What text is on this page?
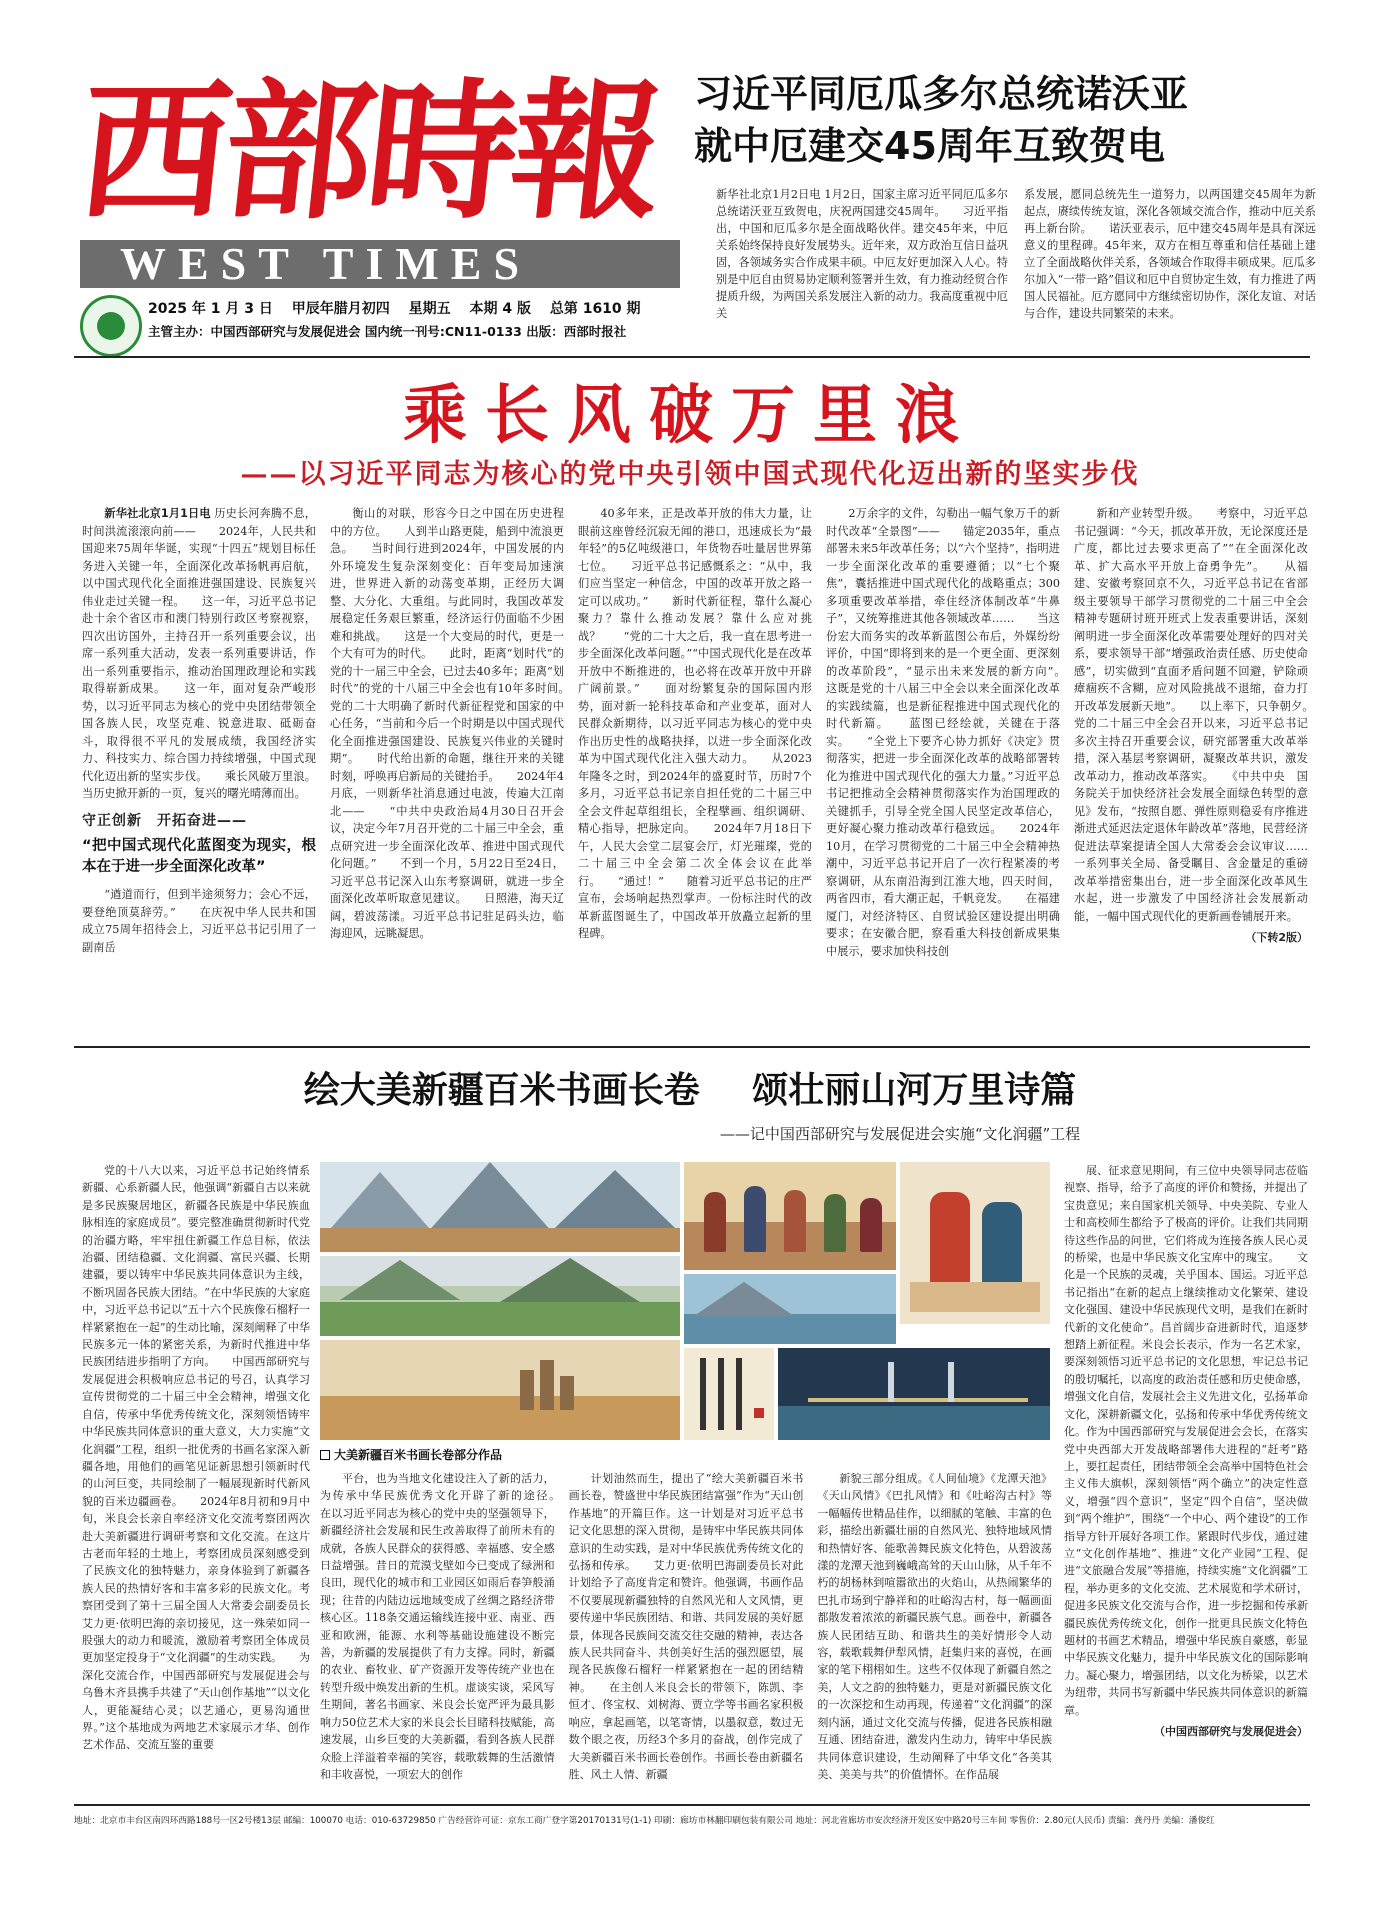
西部時報
WEST TIMES
2025 年 1 月 3 日 甲辰年腊月初四 星期五 本期 4 版 总第 1610 期
主管主办：中国西部研究与发展促进会 国内统一刊号:CN11-0133 出版：西部时报社
习近平同厄瓜多尔总统诺沃亚
就中厄建交45周年互致贺电
新华社北京1月2日电 1月2日，国家主席习近平同厄瓜多尔总统诺沃亚互致贺电，庆祝两国建交45周年。　　习近平指出，中国和厄瓜多尔是全面战略伙伴。建交45年来，中厄关系始终保持良好发展势头。近年来，双方政治互信日益巩固，各领域务实合作成果丰硕。中厄友好更加深入人心。特别是中厄自由贸易协定顺利签署并生效，有力推动经贸合作提质升级，为两国关系发展注入新的动力。我高度重视中厄关
系发展，愿同总统先生一道努力，以两国建交45周年为新起点，赓续传统友谊，深化各领域交流合作，推动中厄关系再上新台阶。　　诺沃亚表示，厄中建交45周年是具有深远意义的里程碑。45年来，双方在相互尊重和信任基础上建立了全面战略伙伴关系，各领域合作取得丰硕成果。厄瓜多尔加入“一带一路”倡议和厄中自贸协定生效，有力推进了两国人民福祉。厄方愿同中方继续密切协作，深化友谊、对话与合作，建设共同繁荣的未来。
乘长风破万里浪
——以习近平同志为核心的党中央引领中国式现代化迈出新的坚实步伐

新华社北京1月1日电 历史长河奔腾不息，时间洪流滚滚向前——　　2024年，人民共和国迎来75周年华诞，实现“十四五”规划目标任务进入关键一年，全面深化改革扬帆再启航，以中国式现代化全面推进强国建设、民族复兴伟业走过关键一程。　　这一年，习近平总书记赴十余个省区市和澳门特别行政区考察视察，四次出访国外，主持召开一系列重要会议，出席一系列重大活动，发表一系列重要讲话，作出一系列重要指示，推动治国理政理论和实践取得崭新成果。　　这一年，面对复杂严峻形势，以习近平同志为核心的党中央团结带领全国各族人民，攻坚克难、锐意进取、砥砺奋斗，取得很不平凡的发展成绩，我国经济实力、科技实力、综合国力持续增强，中国式现代化迈出新的坚实步伐。　　乘长风破万里浪。当历史掀开新的一页，复兴的曙光晴薄而出。

守正创新　开拓奋进——
“把中国式现代化蓝图变为现实，根本在于进一步全面深化改革”

“遒道而行，但到半途须努力；会心不远，要登绝顶莫辞劳。”　　在庆祝中华人民共和国成立75周年招待会上，习近平总书记引用了一副南岳

衡山的对联，形容今日之中国在历史进程中的方位。　　人到半山路更陡，船到中流浪更急。　　当时间行进到2024年，中国发展的内外环境发生复杂深刻变化：百年变局加速演进，世界进入新的动荡变革期，正经历大调整、大分化、大重组。与此同时，我国改革发展稳定任务艰巨繁重，经济运行仍面临不少困难和挑战。　　这是一个大变局的时代，更是一个大有可为的时代。　　此时，距离“划时代”的党的十一届三中全会，已过去40多年；距离“划时代”的党的十八届三中全会也有10年多时间。　　党的二十大明确了新时代新征程党和国家的中心任务，“当前和今后一个时期是以中国式现代化全面推进强国建设、民族复兴伟业的关键时期”。　　时代给出新的命题，继往开来的关键时刻，呼唤再启新局的关键抬手。　　2024年4月底，一则新华社消息通过电波，传遍大江南北——　　“中共中央政治局4月30日召开会议，决定今年7月召开党的二十届三中全会，重点研究进一步全面深化改革、推进中国式现代化问题。”　　不到一个月，5月22日至24日，习近平总书记深入山东考察调研，就进一步全面深化改革听取意见建议。　　日照港，海天辽阔，碧波荡漾。习近平总书记驻足码头边，临海迎风，远眺凝思。

40多年来，正是改革开放的伟大力量，让眼前这座曾经沉寂无闻的港口，迅速成长为“最年轻”的5亿吨级港口，年货物吞吐量居世界第七位。　　习近平总书记感慨系之：“从中，我们应当坚定一种信念，中国的改革开放之路一定可以成功。”　　新时代新征程，靠什么凝心聚力？靠什么推动发展？靠什么应对挑战？　　“党的二十大之后，我一直在思考进一步全面深化改革问题。”“中国式现代化是在改革开放中不断推进的，也必将在改革开放中开辟广阔前景。”　　面对纷繁复杂的国际国内形势，面对新一轮科技革命和产业变革，面对人民群众新期待，以习近平同志为核心的党中央作出历史性的战略抉择，以进一步全面深化改革为中国式现代化注入强大动力。　　从2023年隆冬之时，到2024年的盛夏时节，历时7个多月，习近平总书记亲自担任党的二十届三中全会文件起草组组长，全程擘画、组织调研、精心指导，把脉定向。　　2024年7月18日下午，人民大会堂二层宴会厅，灯光璀璨，党的二十届三中全会第二次全体会议在此举行。　　“通过！”　　随着习近平总书记的庄严宣布，会场响起热烈掌声。一份标注时代的改革新蓝图诞生了，中国改革开放矗立起新的里程碑。

2万余字的文件，勾勒出一幅气象万千的新时代改革“全景图”——　　锚定2035年，重点部署未来5年改革任务；以“六个坚持”，指明进一步全面深化改革的重要遵循；以“七个聚焦”，囊括推进中国式现代化的战略重点；300多项重要改革举措，牵住经济体制改革“牛鼻子”，又统筹推进其他各领域改革……　　当这份宏大而务实的改革新蓝图公布后，外媒纷纷评价，中国“即将到来的是一个更全面、更深刻的改革阶段”，“显示出未来发展的新方向”。　　这既是党的十八届三中全会以来全面深化改革的实践续篇，也是新征程推进中国式现代化的时代新篇。　　蓝图已经绘就，关键在于落实。　　“全党上下要齐心协力抓好《决定》贯彻落实，把进一步全面深化改革的战略部署转化为推进中国式现代化的强大力量。”习近平总书记把推动全会精神贯彻落实作为治国理政的关键抓手，引导全党全国人民坚定改革信心，更好凝心聚力推动改革行稳致远。　　2024年10月，在学习贯彻党的二十届三中全会精神热潮中，习近平总书记开启了一次行程紧凑的考察调研，从东南沿海到江淮大地，四天时间，两省四市，看大潮正起，千帆竞发。　　在福建厦门，对经济特区、自贸试验区建设提出明确要求；在安徽合肥，察看重大科技创新成果集中展示，要求加快科技创

新和产业转型升级。　　考察中，习近平总书记强调：“今天，抓改革开放，无论深度还是广度，都比过去要求更高了”“在全面深化改革、扩大高水平开放上奋勇争先”。　　从福建、安徽考察回京不久，习近平总书记在省部级主要领导干部学习贯彻党的二十届三中全会精神专题研讨班开班式上发表重要讲话，深刻阐明进一步全面深化改革需要处理好的四对关系，要求领导干部“增强政治责任感、历史使命感”，切实做到“直面矛盾问题不回避，铲除顽瘴痼疾不含糊，应对风险挑战不退缩，奋力打开改革发展新天地”。　　以上率下，只争朝夕。　　党的二十届三中全会召开以来，习近平总书记多次主持召开重要会议，研究部署重大改革举措，深入基层考察调研，凝聚改革共识，激发改革动力，推动改革落实。　　《中共中央　国务院关于加快经济社会发展全面绿色转型的意见》发布，“按照自愿、弹性原则稳妥有序推进渐进式延迟法定退休年龄改革”落地，民营经济促进法草案提请全国人大常委会会议审议……　　一系列事关全局、备受瞩目、含金量足的重磅改革举措密集出台，进一步全面深化改革风生水起，进一步激发了中国经济社会发展新动能，一幅中国式现代化的更新画卷铺展开来。

（下转2版）
绘大美新疆百米书画长卷 颂壮丽山河万里诗篇
——记中国西部研究与发展促进会实施“文化润疆”工程

党的十八大以来，习近平总书记始终情系新疆、心系新疆人民，他强调“新疆自古以来就是多民族聚居地区，新疆各民族是中华民族血脉相连的家庭成员”。要完整准确贯彻新时代党的治疆方略，牢牢扭住新疆工作总目标，依法治疆、团结稳疆、文化润疆、富民兴疆、长期建疆，要以铸牢中华民族共同体意识为主线，不断巩固各民族大团结。“在中华民族的大家庭中，习近平总书记以“五十六个民族像石榴籽一样紧紧抱在一起”的生动比喻，深刻阐释了中华民族多元一体的紧密关系，为新时代推进中华民族团结进步指明了方向。　　中国西部研究与发展促进会积极响应总书记的号召，认真学习宣传贯彻党的二十届三中全会精神，增强文化自信，传承中华优秀传统文化，深刻领悟铸牢中华民族共同体意识的重大意义，大力实施“文化润疆”工程，组织一批优秀的书画名家深入新疆各地，用他们的画笔见证新思想引领新时代的山河巨变，共同绘制了一幅展现新时代新风貌的百米边疆画卷。　　2024年8月初和9月中旬，米良会长亲自率经济文化交流考察团两次赴大美新疆进行调研考察和文化交流。在这片古老而年轻的土地上，考察团成员深刻感受到了民族文化的独特魅力，亲身体验到了新疆各族人民的热情好客和丰富多彩的民族文化。考察团受到了第十三届全国人大常委会副委员长艾力更·依明巴海的亲切接见，这一殊荣如同一股强大的动力和暖流，激励着考察团全体成员更加坚定投身于“文化润疆”的生动实践。　　为深化交流合作，中国西部研究与发展促进会与乌鲁木齐县携手共建了“天山创作基地”“以文化人，更能凝结心灵；以艺通心，更易沟通世界。”这个基地成为两地艺术家展示才华、创作艺术作品、交流互鉴的重要

展、征求意见期间，有三位中央领导同志莅临视察、指导，给予了高度的评价和赞扬，并提出了宝贵意见；来自国家机关领导、中央美院、专业人士和高校师生都给予了极高的评价。让我们共同期待这些作品的问世，它们将成为连接各族人民心灵的桥梁，也是中华民族文化宝库中的瑰宝。　　文化是一个民族的灵魂，关乎国本、国运。习近平总书记指出“在新的起点上继续推动文化繁荣、建设文化强国、建设中华民族现代文明，是我们在新时代新的文化使命”。昌首阔步奋进新时代，追逐梦想踏上新征程。米良会长表示，作为一名艺术家，要深刻领悟习近平总书记的文化思想，牢记总书记的殷切嘱托，以高度的政治责任感和历史使命感，增强文化自信，发展社会主义先进文化，弘扬革命文化，深耕新疆文化，弘扬和传承中华优秀传统文化。作为中国西部研究与发展促进会会长，在落实党中央西部大开发战略部署伟大进程的“赶考”路上，要扛起责任，团结带领全会高举中国特色社会主义伟大旗帜，深刻领悟“两个确立”的决定性意义，增强“四个意识”，坚定“四个自信”，坚决做到“两个维护”，围绕“一个中心、两个建设”的工作指导方针开展好各项工作。紧跟时代步伐，通过建立“文化创作基地”、推进“文化产业园”工程、促进“文旅融合发展”等措施，持续实施“文化润疆”工程，举办更多的文化交流、艺术展览和学术研讨，促进多民族文化交流与合作，进一步挖掘和传承新疆民族优秀传统文化，创作一批更具民族文化特色题材的书画艺术精品，增强中华民族自豪感，彰显中华民族文化魅力，提升中华民族文化的国际影响力。凝心聚力，增强团结，以文化为桥梁，以艺术为纽带，共同书写新疆中华民族共同体意识的新篇章。

（中国西部研究与发展促进会）
大美新疆百米书画长卷部分作品

平台，也为当地文化建设注入了新的活力，为传承中华民族优秀文化开辟了新的途径。　　在以习近平同志为核心的党中央的坚强领导下，新疆经济社会发展和民生改善取得了前所未有的成就，各族人民群众的获得感、幸福感、安全感日益增强。昔日的荒漠戈壁如今已变成了绿洲和良田，现代化的城市和工业园区如雨后春笋般涌现；往昔的内陆边远地域变成了丝绸之路经济带核心区。118条交通运输线连接中亚、南亚、西亚和欧洲，能源、水利等基础设施建设不断完善，为新疆的发展提供了有力支撑。同时，新疆的农业、畜牧业、矿产资源开发等传统产业也在转型升级中焕发出新的生机。虚谈实谈，采风写生期间，著名书画家、米良会长宽严评为最具影响力50位艺术大家的米良会长目睹科技赋能，高速发展，山乡巨变的大美新疆，看到各族人民群众脸上洋溢着幸福的笑容，载歌载舞的生活激情和丰收喜悦，一项宏大的创作

计划油然而生，提出了“绘大美新疆百米书画长卷，赞盛世中华民族团结富强”作为“天山创作基地”的开篇巨作。这一计划是对习近平总书记文化思想的深入贯彻，是铸牢中华民族共同体意识的生动实践，是对中华民族优秀传统文化的弘扬和传承。　　艾力更·依明巴海副委员长对此计划给予了高度肯定和赞许。他强调，书画作品不仅要展现新疆独特的自然风光和人文风情，更要传递中华民族团结、和谐、共同发展的美好愿景，体现各民族间交流交往交融的精神，表达各族人民共同奋斗、共创美好生活的强烈愿望，展现各民族像石榴籽一样紧紧抱在一起的团结精神。　　在主创人米良会长的带领下，陈凯、李恒才、佟宝权、刘树海、贾立学等书画名家积极响应，拿起画笔，以笔寄情，以墨叙意，数过无数个眼之夜，历经3个多月的奋战，创作完成了大美新疆百米书画长卷创作。书画长卷由新疆名胜、风土人情、新疆

新貌三部分组成。《人间仙境》《龙潭天池》《天山风情》《巴扎风情》和《吐峪沟古村》等一幅幅传世精品佳作，以细腻的笔触、丰富的色彩，描绘出新疆壮丽的自然风光、独特地域风情和热情好客、能歌善舞民族文化特色，从碧波荡漾的龙潭天池到巍峨高耸的天山山脉，从千年不朽的胡杨林到喧嚣欲出的火焰山，从热闹繁华的巴扎市场到宁静祥和的吐峪沟古村，每一幅画面都散发着浓浓的新疆民族气息。画卷中，新疆各族人民团结互助、和谐共生的美好情形令人动容，载歌载舞伊犁风情，赶集归来的喜悦，在画家的笔下栩栩如生。这些不仅体现了新疆自然之美，人文之韵的独特魅力，更是对新疆民族文化的一次深挖和生动再现，传递着“文化润疆”的深刻内涵，通过文化交流与传播，促进各民族相融互通、团结奋进，激发内生动力，铸牢中华民族共同体意识建设，生动阐释了中华文化“各美其美、美美与共”的价值情怀。在作品展

地址：北京市丰台区南四环西路188号一区2号楼13层 邮编：100070 电话：010-63729850 广告经营许可证：京东工商广登字第20170131号(1-1) 印刷：廊坊市林翻印刷包装有限公司 地址：河北省廊坊市安次经济开发区安中路20号三车间 零售价：2.80元(人民币) 责编：龚丹丹 美编：潘俊红
